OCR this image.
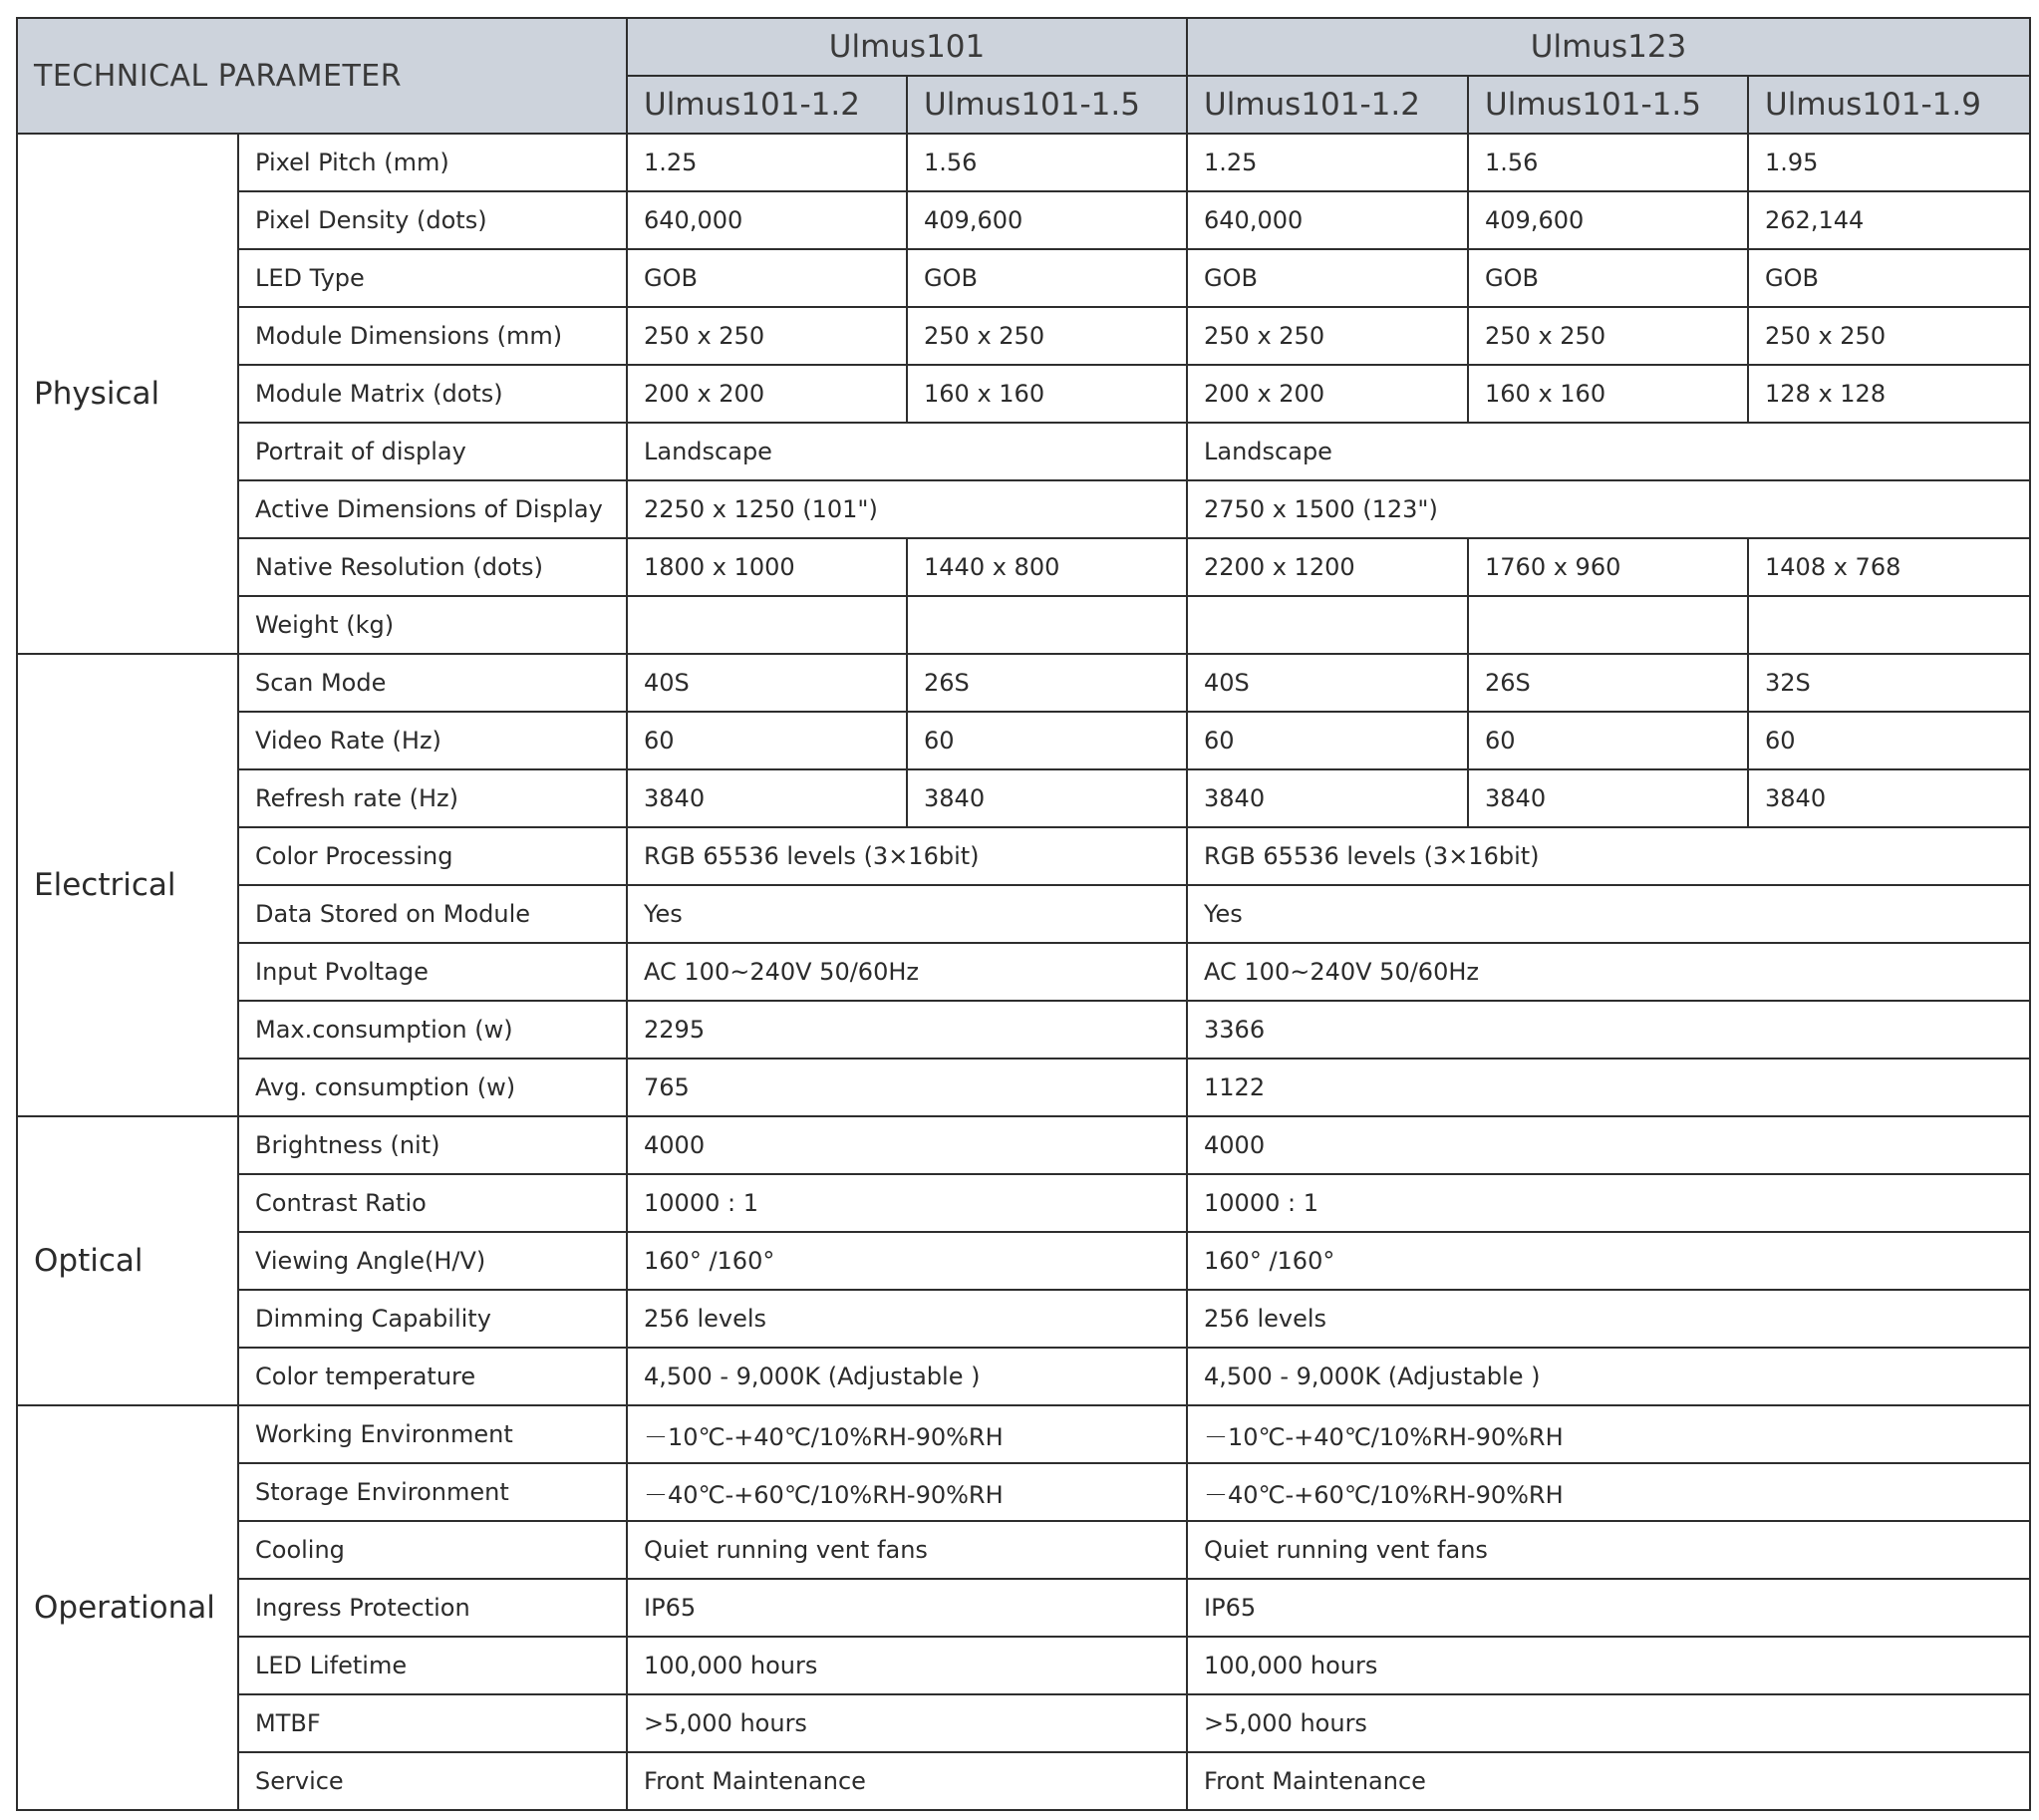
TECHNICAL PARAMETER		Ulmus101		Ulmus123		
		Ulmus101-1.2	Ulmus101-1.5	Ulmus101-1.2	Ulmus101-1.5	Ulmus101-1.9
Physical	Pixel Pitch (mm)	1.25	1.56	1.25	1.56	1.95
	Pixel Density (dots)	640,000	409,600	640,000	409,600	262,144
	LED Type	GOB	GOB	GOB	GOB	GOB
	Module Dimensions (mm)	250 x 250	250 x 250	250 x 250	250 x 250	250 x 250
	Module Matrix (dots)	200 x 200	160 x 160	200 x 200	160 x 160	128 x 128
	Portrait of display	Landscape		Landscape		
	Active Dimensions of Display	2250 x 1250 (101")		2750 x 1500 (123")		
	Native Resolution (dots)	1800 x 1000	1440 x 800	2200 x 1200	1760 x 960	1408 x 768
	Weight (kg)					
Electrical	Scan Mode	40S	26S	40S	26S	32S
	Video Rate (Hz)	60	60	60	60	60
	Refresh rate (Hz)	3840	3840	3840	3840	3840
	Color Processing	RGB 65536 levels (3×16bit)		RGB 65536 levels (3×16bit)		
	Data Stored on Module	Yes		Yes		
	Input Pvoltage	AC 100~240V 50/60Hz		AC 100~240V 50/60Hz		
	Max.consumption (w)	2295		3366		
	Avg. consumption (w)	765		1122		
Optical	Brightness (nit)	4000		4000		
	Contrast Ratio	10000 : 1		10000 : 1		
	Viewing Angle(H/V)	160° /160°		160° /160°		
	Dimming Capability	256 levels		256 levels		
	Color temperature	4,500 - 9,000K (Adjustable )		4,500 - 9,000K (Adjustable )		
Operational	Working Environment	－10℃-+40℃/10%RH-90%RH		－10℃-+40℃/10%RH-90%RH		
	Storage Environment	－40℃-+60℃/10%RH-90%RH		－40℃-+60℃/10%RH-90%RH		
	Cooling	Quiet running vent fans		Quiet running vent fans		
	Ingress Protection	IP65		IP65		
	LED Lifetime	100,000 hours		100,000 hours		
	MTBF	>5,000 hours		>5,000 hours		
	Service	Front Maintenance		Front Maintenance		
